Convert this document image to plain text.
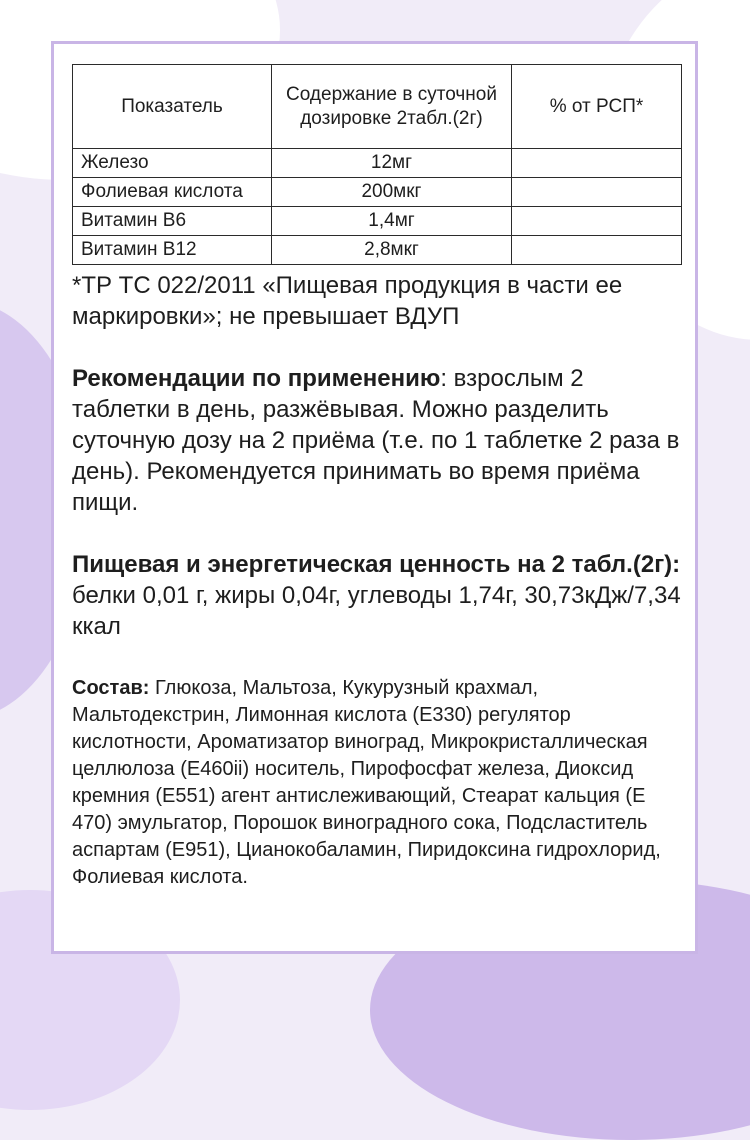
Показатель	Содержание в суточной дозировке 2табл.(2г)	% от РСП*
Железо	12мг	
Фолиевая кислота	200мкг	
Витамин В6	1,4мг	
Витамин В12	2,8мкг	
*ТР ТС 022/2011 «Пищевая продукция в части ее маркировки»; не превышает ВДУП
Рекомендации по применению: взрослым 2 таблетки в день, разжёвывая. Можно разделить суточную дозу на 2 приёма (т.е. по 1 таблетке 2 раза в день). Рекомендуется принимать во время приёма пищи.
Пищевая и энергетическая ценность на 2 табл.(2г): белки 0,01 г, жиры 0,04г, углеводы 1,74г, 30,73кДж/7,34 ккал
Состав: Глюкоза, Мальтоза, Кукурузный крахмал, Мальтодекстрин, Лимонная кислота (Е330) регулятор кислотности, Ароматизатор виноград, Микрокристаллическая целлюлоза (Е460ii) носитель, Пирофосфат железа, Диоксид кремния (Е551) агент антислеживающий, Стеарат кальция (Е 470) эмульгатор, Порошок виноградного сока, Подсластитель аспартам (Е951), Цианокобаламин, Пиридоксина гидрохлорид, Фолиевая кислота.
